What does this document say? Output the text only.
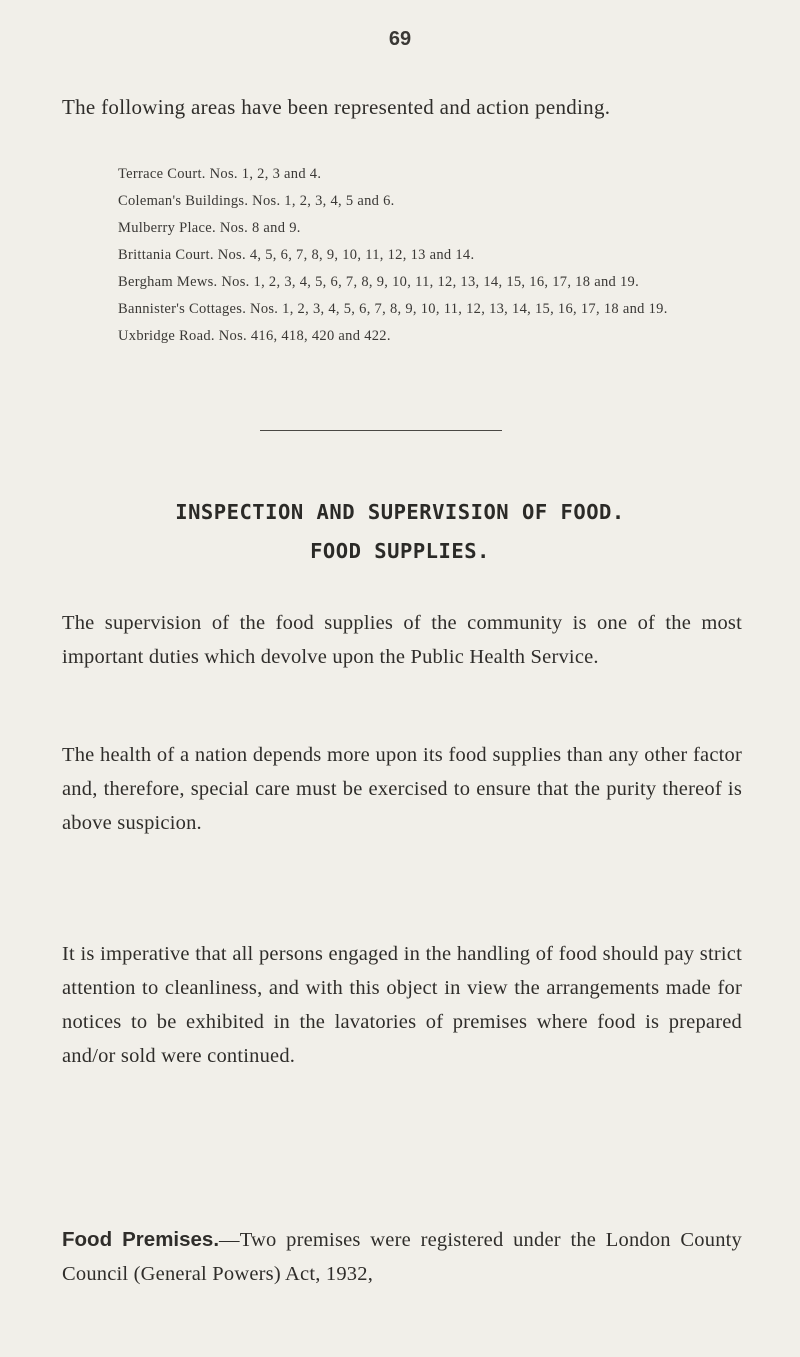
69
The following areas have been represented and action pending.
Terrace Court. Nos. 1, 2, 3 and 4.
Coleman's Buildings. Nos. 1, 2, 3, 4, 5 and 6.
Mulberry Place. Nos. 8 and 9.
Brittania Court. Nos. 4, 5, 6, 7, 8, 9, 10, 11, 12, 13 and 14.
Bergham Mews. Nos. 1, 2, 3, 4, 5, 6, 7, 8, 9, 10, 11, 12, 13, 14, 15, 16, 17, 18 and 19.
Bannister's Cottages. Nos. 1, 2, 3, 4, 5, 6, 7, 8, 9, 10, 11, 12, 13, 14, 15, 16, 17, 18 and 19.
Uxbridge Road. Nos. 416, 418, 420 and 422.
INSPECTION AND SUPERVISION OF FOOD.
FOOD SUPPLIES.
The supervision of the food supplies of the community is one of the most important duties which devolve upon the Public Health Service.
The health of a nation depends more upon its food supplies than any other factor and, therefore, special care must be exercised to ensure that the purity thereof is above suspicion.
It is imperative that all persons engaged in the handling of food should pay strict attention to cleanliness, and with this object in view the arrangements made for notices to be exhibited in the lavatories of premises where food is prepared and/or sold were continued.
Food Premises.—Two premises were registered under the London County Council (General Powers) Act, 1932,
